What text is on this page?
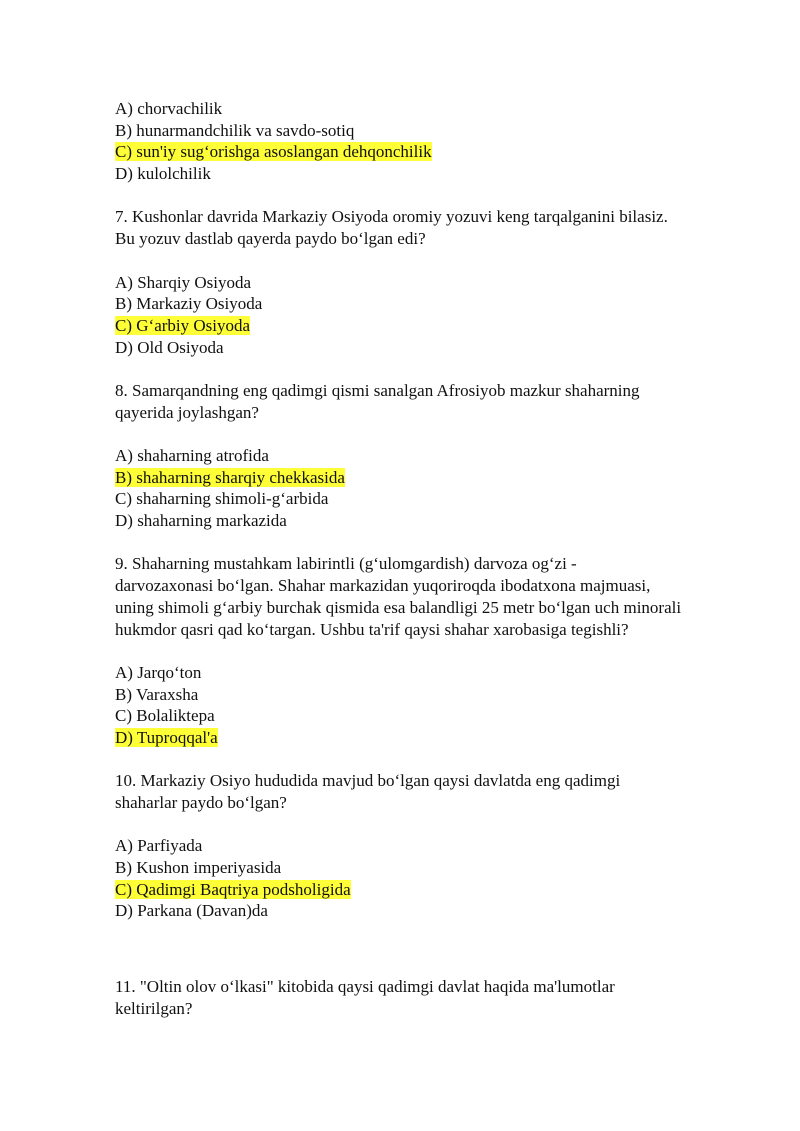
A) chorvachilik
B) hunarmandchilik va savdo-sotiq
C) sun'iy sug‘orishga asoslangan dehqonchilik
D) kulolchilik
7. Kushonlar davrida Markaziy Osiyoda oromiy yozuvi keng tarqalganini bilasiz.
Bu yozuv dastlab qayerda paydo bo‘lgan edi?
A) Sharqiy Osiyoda
B) Markaziy Osiyoda
C) G‘arbiy Osiyoda
D) Old Osiyoda
8. Samarqandning eng qadimgi qismi sanalgan Afrosiyob mazkur shaharning
qayerida joylashgan?
A) shaharning atrofida
B) shaharning sharqiy chekkasida
C) shaharning shimoli-g‘arbida
D) shaharning markazida
9. Shaharning mustahkam labirintli (g‘ulomgardish) darvoza og‘zi -
darvozaxonasi bo‘lgan. Shahar markazidan yuqoriroqda ibodatxona majmuasi,
uning shimoli g‘arbiy burchak qismida esa balandligi 25 metr bo‘lgan uch minorali
hukmdor qasri qad ko‘targan. Ushbu ta'rif qaysi shahar xarobasiga tegishli?
A) Jarqo‘ton
B) Varaxsha
C) Bolaliktepa
D) Tuproqqal'a
10. Markaziy Osiyo hududida mavjud bo‘lgan qaysi davlatda eng qadimgi
shaharlar paydo bo‘lgan?
A) Parfiyada
B) Kushon imperiyasida
C) Qadimgi Baqtriya podsholigida
D) Parkana (Davan)da
11. "Oltin olov o‘lkasi" kitobida qaysi qadimgi davlat haqida ma'lumotlar
keltirilgan?
